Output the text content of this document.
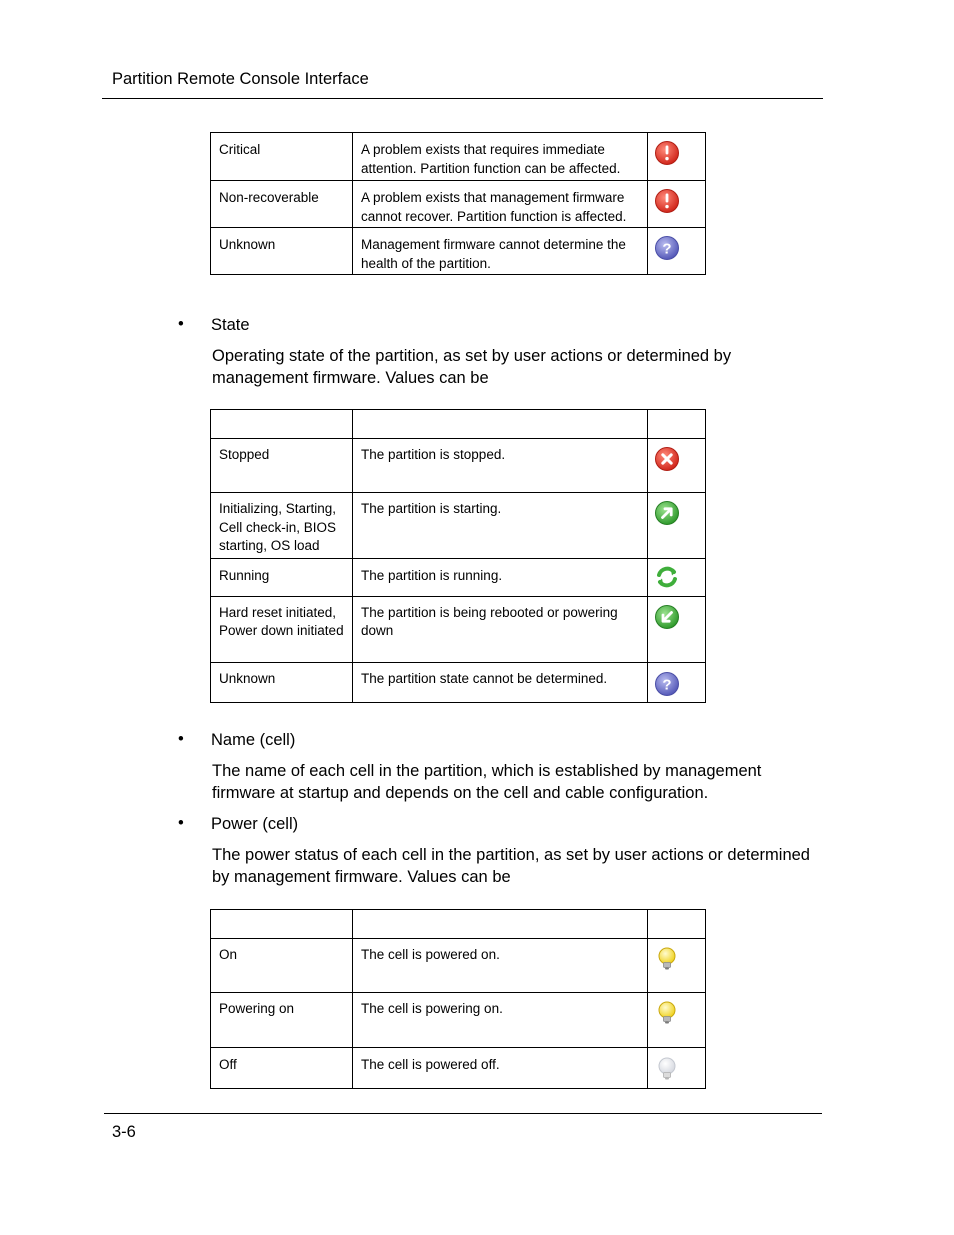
Partition Remote Console Interface
Critical	A problem exists that requires immediate attention. Partition function can be affected.

Non-recoverable	A problem exists that management firmware cannot recover. Partition function is affected.

Unknown	Management firmware cannot determine the health of the partition.	?
• State
Operating state of the partition, as set by user actions or determined by management firmware. Values can be

Stopped	The partition is stopped.

Initializing, Starting, Cell check-in, BIOS starting, OS load	The partition is starting.

Running	The partition is running.

Hard reset initiated, Power down initiated	The partition is being rebooted or powering down

Unknown	The partition state cannot be determined.	?
• Name (cell)
The name of each cell in the partition, which is established by management firmware at startup and depends on the cell and cable configuration.
• Power (cell)
The power status of each cell in the partition, as set by user actions or determined by management firmware. Values can be

On	The cell is powered on.

Powering on	The cell is powering on.

Off	The cell is powered off.

3-6
